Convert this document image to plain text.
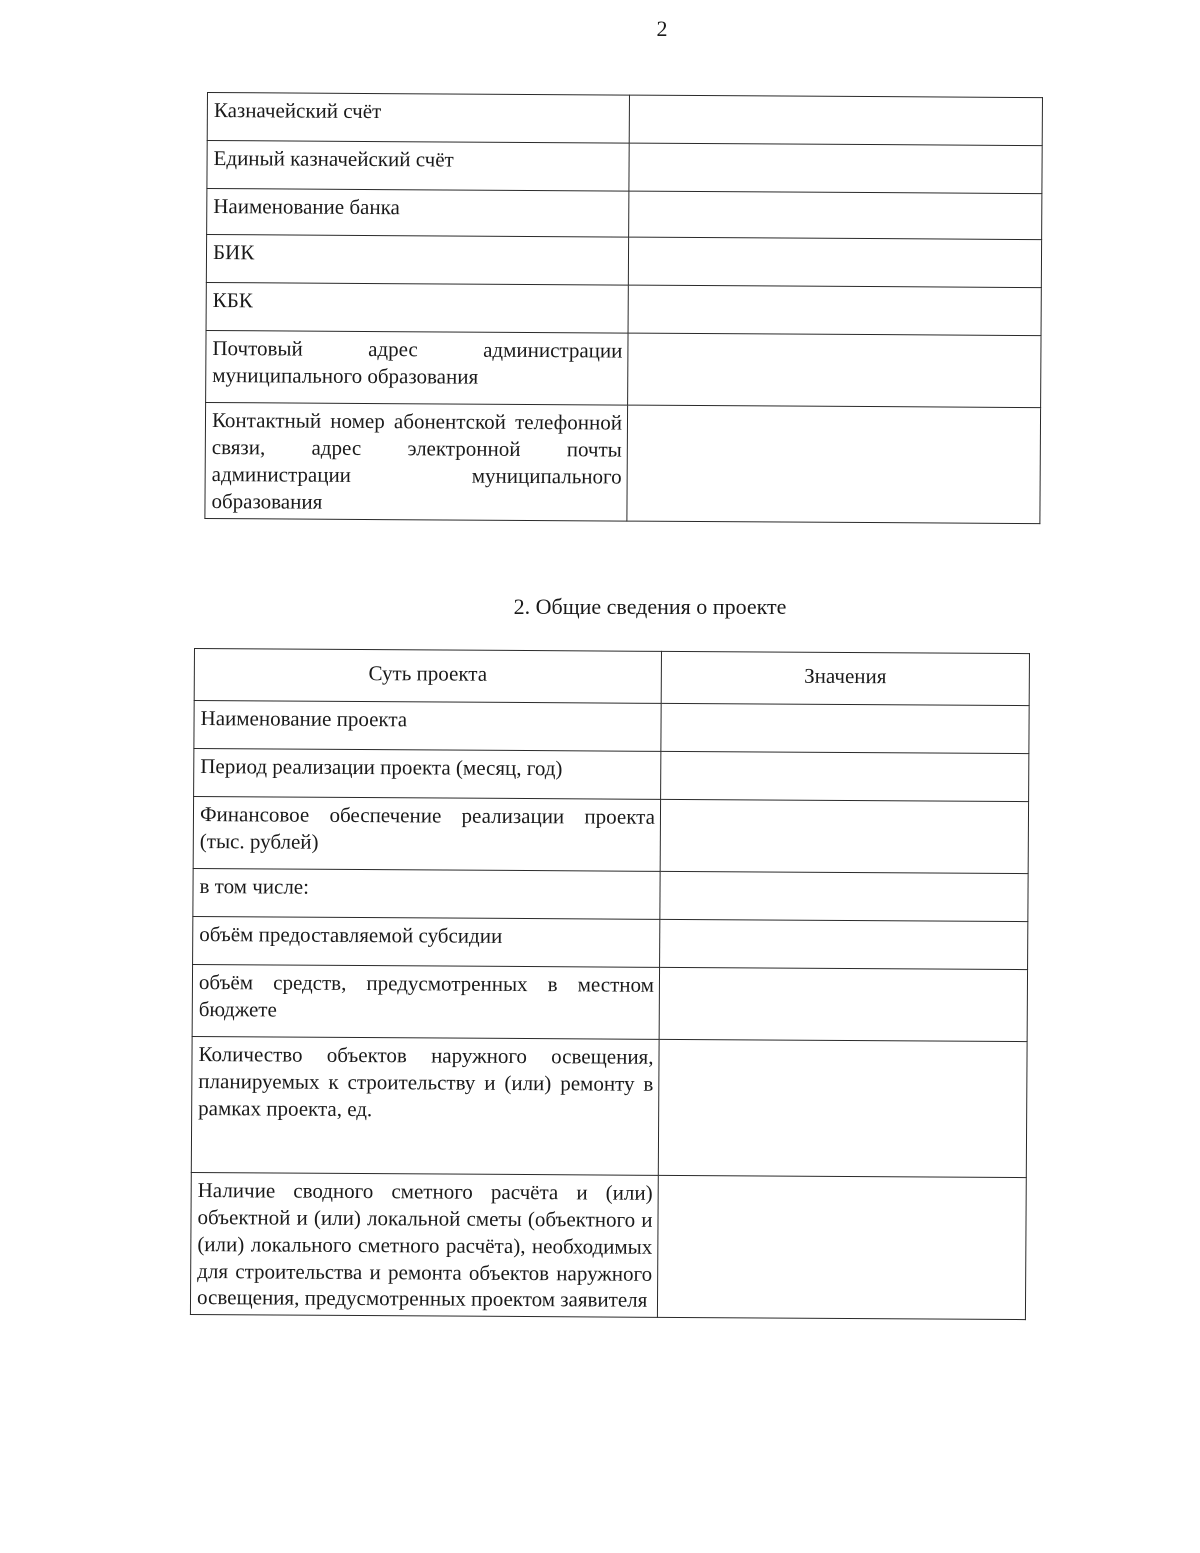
2
Казначейский счёт	
Единый казначейский счёт	
Наименование банка	
БИК	
КБК	
Почтовый адрес администрации муниципального образования	
Контактный номер абонентской телефонной связи, адрес электронной почты администрации муниципального образования	
2. Общие сведения о проекте
Суть проекта	Значения
Наименование проекта	
Период реализации проекта (месяц, год)	
Финансовое обеспечение реализации проекта (тыс. рублей)	
в том числе:	
объём предоставляемой субсидии	
объём средств, предусмотренных в местном бюджете	
Количество объектов наружного освещения, планируемых к строительству и (или) ремонту в рамках проекта, ед.	
Наличие сводного сметного расчёта и (или) объектной и (или) локальной сметы (объектного и (или) локального сметного расчёта), необходимых для строительства и ремонта объектов наружного освещения, предусмотренных проектом заявителя	
